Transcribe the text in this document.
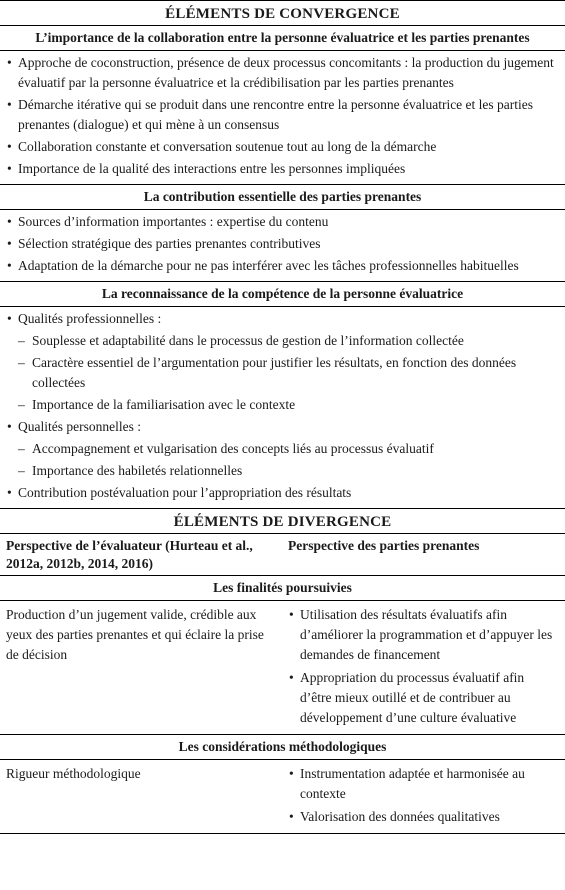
ÉLÉMENTS DE CONVERGENCE
L’importance de la collaboration entre la personne évaluatrice et les parties prenantes
• Approche de coconstruction, présence de deux processus concomitants : la production du jugement évaluatif par la personne évaluatrice et la crédibilisation par les parties prenantes
• Démarche itérative qui se produit dans une rencontre entre la personne évaluatrice et les parties prenantes (dialogue) et qui mène à un consensus
• Collaboration constante et conversation soutenue tout au long de la démarche
• Importance de la qualité des interactions entre les personnes impliquées
La contribution essentielle des parties prenantes
• Sources d’information importantes : expertise du contenu
• Sélection stratégique des parties prenantes contributives
• Adaptation de la démarche pour ne pas interférer avec les tâches professionnelles habituelles
La reconnaissance de la compétence de la personne évaluatrice
• Qualités professionnelles :
– Souplesse et adaptabilité dans le processus de gestion de l’information collectée
– Caractère essentiel de l’argumentation pour justifier les résultats, en fonction des données collectées
– Importance de la familiarisation avec le contexte
• Qualités personnelles :
– Accompagnement et vulgarisation des concepts liés au processus évaluatif
– Importance des habiletés relationnelles
• Contribution postévaluation pour l’appropriation des résultats
ÉLÉMENTS DE DIVERGENCE
Perspective de l’évaluateur (Hurteau et al., 2012a, 2012b, 2014, 2016)
Perspective des parties prenantes
Les finalités poursuivies
Production d’un jugement valide, crédible aux yeux des parties prenantes et qui éclaire la prise de décision
• Utilisation des résultats évaluatifs afin d’améliorer la programmation et d’appuyer les demandes de financement
• Appropriation du processus évaluatif afin d’être mieux outillé et de contribuer au développement d’une culture évaluative
Les considérations méthodologiques
Rigueur méthodologique
•	Instrumentation adaptée et harmonisée au contexte
• Valorisation des données qualitatives
